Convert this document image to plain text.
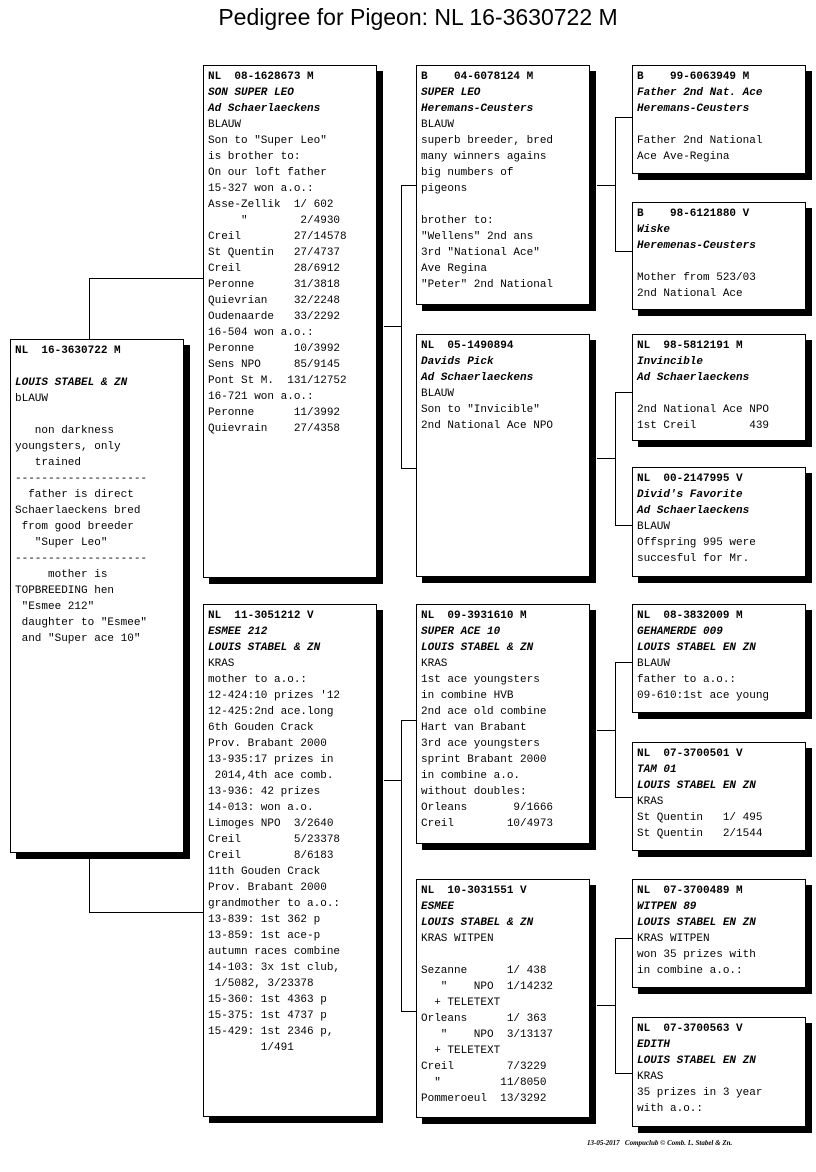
Pedigree for Pigeon: NL 16-3630722 M
NL  16-3630722 M
LOUIS STABEL & ZN
bLAUW
non darkness
youngsters, only
trained
--------------------
father is direct
Schaerlaeckens bred
from good breeder
"Super Leo"
--------------------
mother is
TOPBREEDING hen
"Esmee 212"
daughter to "Esmee"
and "Super ace 10"
NL  08-1628673 M
SON SUPER LEO
Ad Schaerlaeckens
BLAUW
Son to "Super Leo"
is brother to:
On our loft father
15-327 won a.o.:
Asse-Zellik  1/ 602
"        2/4930
Creil        27/14578
St Quentin   27/4737
Creil        28/6912
Peronne      31/3818
Quievrian    32/2248
Oudenaarde   33/2292
16-504 won a.o.:
Peronne      10/3992
Sens NPO     85/9145
Pont St M.  131/12752
16-721 won a.o.:
Peronne      11/3992
Quievrain    27/4358
NL  11-3051212 V
ESMEE 212
LOUIS STABEL & ZN
KRAS
mother to a.o.:
12-424:10 prizes '12
12-425:2nd ace.long
6th Gouden Crack
Prov. Brabant 2000
13-935:17 prizes in
2014,4th ace comb.
13-936: 42 prizes
14-013: won a.o.
Limoges NPO  3/2640
Creil        5/23378
Creil        8/6183
11th Gouden Crack
Prov. Brabant 2000
grandmother to a.o.:
13-839: 1st 362 p
13-859: 1st ace-p
autumn races combine
14-103: 3x 1st club,
1/5082, 3/23378
15-360: 1st 4363 p
15-375: 1st 4737 p
15-429: 1st 2346 p,
1/491
B    04-6078124 M
SUPER LEO
Heremans-Ceusters
BLAUW
superb breeder, bred
many winners agains
big numbers of
pigeons
brother to:
"Wellens" 2nd ans
3rd "National Ace"
Ave Regina
"Peter" 2nd National
NL  05-1490894
Davids Pick
Ad Schaerlaeckens
BLAUW
Son to "Invicible"
2nd National Ace NPO
NL  09-3931610 M
SUPER ACE 10
LOUIS STABEL & ZN
KRAS
1st ace youngsters
in combine HVB
2nd ace old combine
Hart van Brabant
3rd ace youngsters
sprint Brabant 2000
in combine a.o.
without doubles:
Orleans       9/1666
Creil        10/4973
NL  10-3031551 V
ESMEE
LOUIS STABEL & ZN
KRAS WITPEN
Sezanne      1/ 438
"    NPO  1/14232
+ TELETEXT
Orleans      1/ 363
"    NPO  3/13137
+ TELETEXT
Creil        7/3229
"         11/8050
Pommeroeul  13/3292
B    99-6063949 M
Father 2nd Nat. Ace
Heremans-Ceusters
Father 2nd National
Ace Ave-Regina
B    98-6121880 V
Wiske
Heremenas-Ceusters
Mother from 523/03
2nd National Ace
NL  98-5812191 M
Invincible
Ad Schaerlaeckens
2nd National Ace NPO
1st Creil        439
NL  00-2147995 V
Divid's Favorite
Ad Schaerlaeckens
BLAUW
Offspring 995 were
succesful for Mr.
NL  08-3832009 M
GEHAMERDE 009
LOUIS STABEL EN ZN
BLAUW
father to a.o.:
09-610:1st ace young
NL  07-3700501 V
TAM 01
LOUIS STABEL EN ZN
KRAS
St Quentin   1/ 495
St Quentin   2/1544
NL  07-3700489 M
WITPEN 89
LOUIS STABEL EN ZN
KRAS WITPEN
won 35 prizes with
in combine a.o.:
NL  07-3700563 V
EDITH
LOUIS STABEL EN ZN
KRAS
35 prizes in 3 year
with a.o.:
13-05-2017   Compuclub © Comb. L. Stabel & Zn.
